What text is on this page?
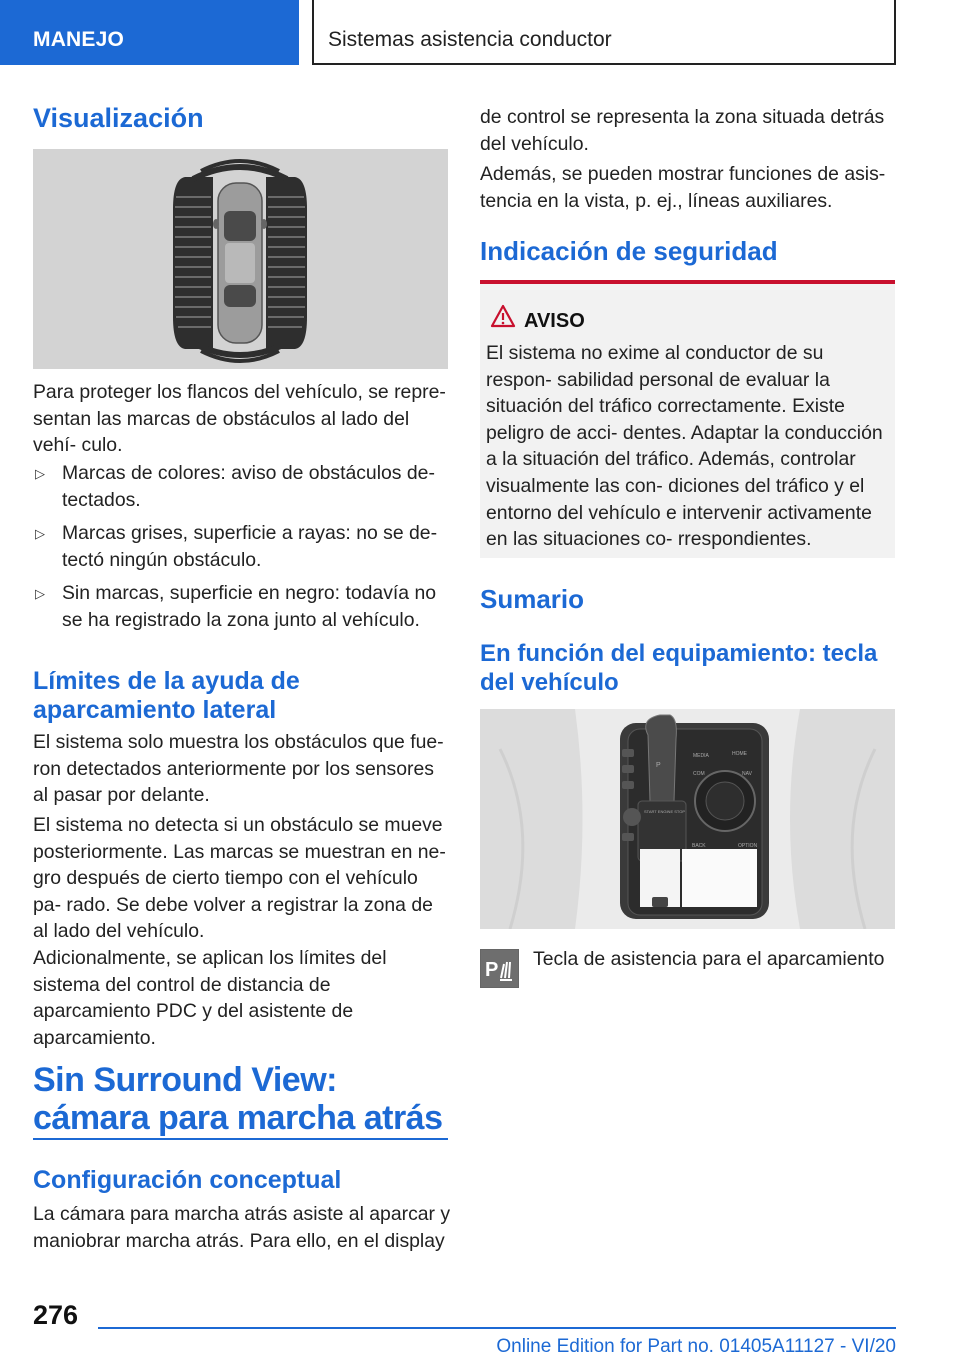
MANEJO	Sistemas asistencia conductor
Visualización
Para proteger los flancos del vehículo, se repre‐ sentan las marcas de obstáculos al lado del vehí‐ culo.
▷ Marcas de colores: aviso de obstáculos de‐ tectados.
▷ Marcas grises, superficie a rayas: no se de‐ tectó ningún obstáculo.
▷ Sin marcas, superficie en negro: todavía no se ha registrado la zona junto al vehículo.
Límites de la ayuda de aparcamiento lateral
El sistema solo muestra los obstáculos que fue‐ ron detectados anteriormente por los sensores al pasar por delante.
El sistema no detecta si un obstáculo se mueve posteriormente. Las marcas se muestran en ne‐ gro después de cierto tiempo con el vehículo pa‐ rado. Se debe volver a registrar la zona de al lado del vehículo.
Adicionalmente, se aplican los límites del sistema del control de distancia de aparcamiento PDC y del asistente de aparcamiento.
Sin Surround View: cámara para marcha atrás
Configuración conceptual
La cámara para marcha atrás asiste al aparcar y maniobrar marcha atrás. Para ello, en el display
de control se representa la zona situada detrás del vehículo.
Además, se pueden mostrar funciones de asis‐ tencia en la vista, p. ej., líneas auxiliares.
Indicación de seguridad
AVISO
El sistema no exime al conductor de su respon‐ sabilidad personal de evaluar la situación del tráfico correctamente. Existe peligro de acci‐ dentes. Adaptar la conducción a la situación del tráfico. Además, controlar visualmente las con‐ diciones del tráfico y el entorno del vehículo e intervenir activamente en las situaciones co‐ rrespondientes.
Sumario
En función del equipamiento: tecla del vehículo
MEDIA	HOME
COM	NAV
BACK	OPTION
START ENGINE STOP
P
P Tecla de asistencia para el aparcamiento
276
Online Edition for Part no. 01405A11127 - VI/20
